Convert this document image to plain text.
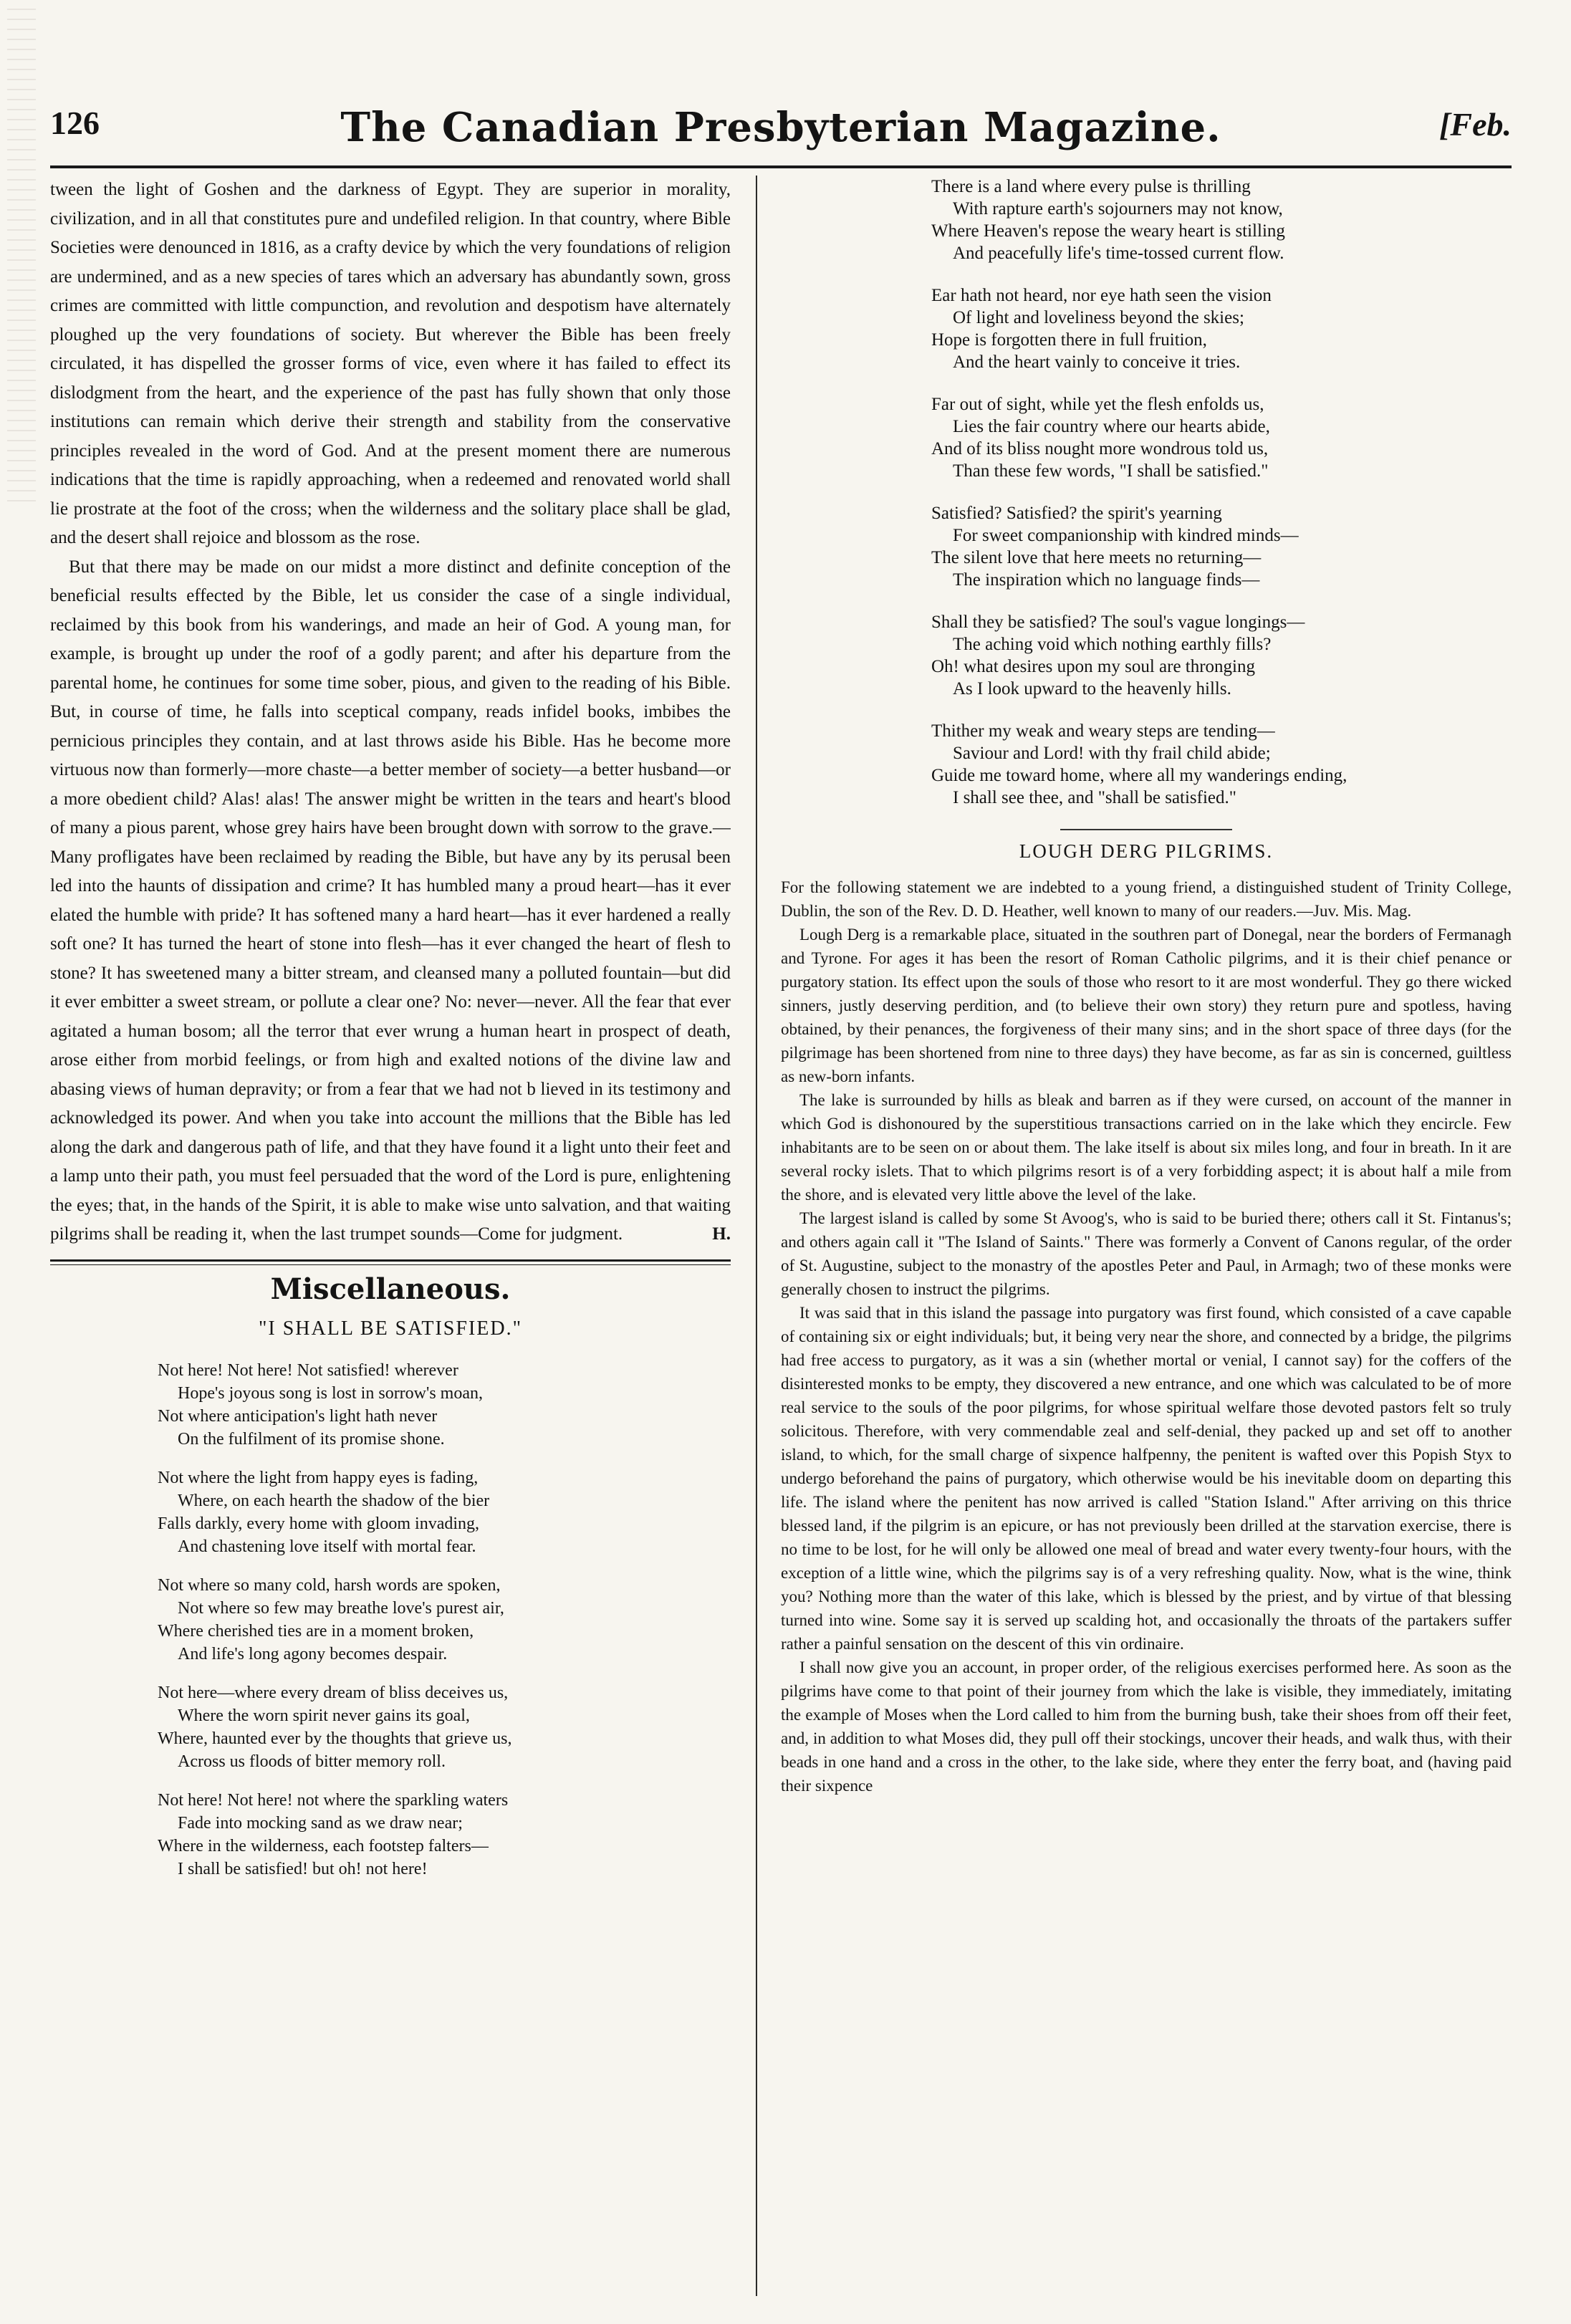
126	The Canadian Presbyterian Magazine.	[Feb.

tween the light of Goshen and the darkness of Egypt. They are superior in morality, civilization, and in all that constitutes pure and undefiled religion. In that country, where Bible Societies were denounced in 1816, as a crafty device by which the very foundations of religion are undermined, and as a new species of tares which an adversary has abundantly sown, gross crimes are committed with little compunction, and revolution and despotism have alternately ploughed up the very foundations of society. But wherever the Bible has been freely circulated, it has dispelled the grosser forms of vice, even where it has failed to effect its dislodgment from the heart, and the experience of the past has fully shown that only those institutions can remain which derive their strength and stability from the conservative principles revealed in the word of God. And at the present moment there are numerous indications that the time is rapidly approaching, when a redeemed and renovated world shall lie prostrate at the foot of the cross; when the wilderness and the solitary place shall be glad, and the desert shall rejoice and blossom as the rose.

But that there may be made on our midst a more distinct and definite conception of the beneficial results effected by the Bible, let us consider the case of a single individual, reclaimed by this book from his wanderings, and made an heir of God. A young man, for example, is brought up under the roof of a godly parent; and after his departure from the parental home, he continues for some time sober, pious, and given to the reading of his Bible. But, in course of time, he falls into sceptical company, reads infidel books, imbibes the pernicious principles they contain, and at last throws aside his Bible. Has he become more virtuous now than formerly—more chaste—a better member of society—a better husband—or a more obedient child? Alas! alas! The answer might be written in the tears and heart's blood of many a pious parent, whose grey hairs have been brought down with sorrow to the grave.—Many profligates have been reclaimed by reading the Bible, but have any by its perusal been led into the haunts of dissipation and crime? It has humbled many a proud heart—has it ever elated the humble with pride? It has softened many a hard heart—has it ever hardened a really soft one? It has turned the heart of stone into flesh—has it ever changed the heart of flesh to stone? It has sweetened many a bitter stream, and cleansed many a polluted fountain—but did it ever embitter a sweet stream, or pollute a clear one? No: never—never. All the fear that ever agitated a human bosom; all the terror that ever wrung a human heart in prospect of death, arose either from morbid feelings, or from high and exalted notions of the divine law and abasing views of human depravity; or from a fear that we had not b lieved in its testimony and acknowledged its power. And when you take into account the millions that the Bible has led along the dark and dangerous path of life, and that they have found it a light unto their feet and a lamp unto their path, you must feel persuaded that the word of the Lord is pure, enlightening the eyes; that, in the hands of the Spirit, it is able to make wise unto salvation, and that waiting pilgrims shall be reading it, when the last trumpet sounds—Come for judgment.	H.

Miscellaneous.
"I SHALL BE SATISFIED."
Not here! Not here! Not satisfied! wherever
Hope's joyous song is lost in sorrow's moan,
Not where anticipation's light hath never
On the fulfilment of its promise shone.
Not where the light from happy eyes is fading,
Where, on each hearth the shadow of the bier
Falls darkly, every home with gloom invading,
And chastening love itself with mortal fear.
Not where so many cold, harsh words are spoken,
Not where so few may breathe love's purest air,
Where cherished ties are in a moment broken,
And life's long agony becomes despair.
Not here—where every dream of bliss deceives us,
Where the worn spirit never gains its goal,
Where, haunted ever by the thoughts that grieve us,
Across us floods of bitter memory roll.
Not here! Not here! not where the sparkling waters
Fade into mocking sand as we draw near;
Where in the wilderness, each footstep falters—
I shall be satisfied! but oh! not here!
There is a land where every pulse is thrilling
With rapture earth's sojourners may not know,
Where Heaven's repose the weary heart is stilling
And peacefully life's time-tossed current flow.
Ear hath not heard, nor eye hath seen the vision
Of light and loveliness beyond the skies;
Hope is forgotten there in full fruition,
And the heart vainly to conceive it tries.
Far out of sight, while yet the flesh enfolds us,
Lies the fair country where our hearts abide,
And of its bliss nought more wondrous told us,
Than these few words, "I shall be satisfied."
Satisfied? Satisfied? the spirit's yearning
For sweet companionship with kindred minds—
The silent love that here meets no returning—
The inspiration which no language finds—
Shall they be satisfied? The soul's vague longings—
The aching void which nothing earthly fills?
Oh! what desires upon my soul are thronging
As I look upward to the heavenly hills.
Thither my weak and weary steps are tending—
Saviour and Lord! with thy frail child abide;
Guide me toward home, where all my wanderings ending,
I shall see thee, and "shall be satisfied."
LOUGH DERG PILGRIMS.

For the following statement we are indebted to a young friend, a distinguished student of Trinity College, Dublin, the son of the Rev. D. D. Heather, well known to many of our readers.—Juv. Mis. Mag.

Lough Derg is a remarkable place, situated in the southren part of Donegal, near the borders of Fermanagh and Tyrone. For ages it has been the resort of Roman Catholic pilgrims, and it is their chief penance or purgatory station. Its effect upon the souls of those who resort to it are most wonderful. They go there wicked sinners, justly deserving perdition, and (to believe their own story) they return pure and spotless, having obtained, by their penances, the forgiveness of their many sins; and in the short space of three days (for the pilgrimage has been shortened from nine to three days) they have become, as far as sin is concerned, guiltless as new-born infants.

The lake is surrounded by hills as bleak and barren as if they were cursed, on account of the manner in which God is dishonoured by the superstitious transactions carried on in the lake which they encircle. Few inhabitants are to be seen on or about them. The lake itself is about six miles long, and four in breath. In it are several rocky islets. That to which pilgrims resort is of a very forbidding aspect; it is about half a mile from the shore, and is elevated very little above the level of the lake.

The largest island is called by some St Avoog's, who is said to be buried there; others call it St. Fintanus's; and others again call it "The Island of Saints." There was formerly a Convent of Canons regular, of the order of St. Augustine, subject to the monastry of the apostles Peter and Paul, in Armagh; two of these monks were generally chosen to instruct the pilgrims.

It was said that in this island the passage into purgatory was first found, which consisted of a cave capable of containing six or eight individuals; but, it being very near the shore, and connected by a bridge, the pilgrims had free access to purgatory, as it was a sin (whether mortal or venial, I cannot say) for the coffers of the disinterested monks to be empty, they discovered a new entrance, and one which was calculated to be of more real service to the souls of the poor pilgrims, for whose spiritual welfare those devoted pastors felt so truly solicitous. Therefore, with very commendable zeal and self-denial, they packed up and set off to another island, to which, for the small charge of sixpence halfpenny, the penitent is wafted over this Popish Styx to undergo beforehand the pains of purgatory, which otherwise would be his inevitable doom on departing this life. The island where the penitent has now arrived is called "Station Island." After arriving on this thrice blessed land, if the pilgrim is an epicure, or has not previously been drilled at the starvation exercise, there is no time to be lost, for he will only be allowed one meal of bread and water every twenty-four hours, with the exception of a little wine, which the pilgrims say is of a very refreshing quality. Now, what is the wine, think you? Nothing more than the water of this lake, which is blessed by the priest, and by virtue of that blessing turned into wine. Some say it is served up scalding hot, and occasionally the throats of the partakers suffer rather a painful sensation on the descent of this vin ordinaire.

I shall now give you an account, in proper order, of the religious exercises performed here. As soon as the pilgrims have come to that point of their journey from which the lake is visible, they immediately, imitating the example of Moses when the Lord called to him from the burning bush, take their shoes from off their feet, and, in addition to what Moses did, they pull off their stockings, uncover their heads, and walk thus, with their beads in one hand and a cross in the other, to the lake side, where they enter the ferry boat, and (having paid their sixpence
